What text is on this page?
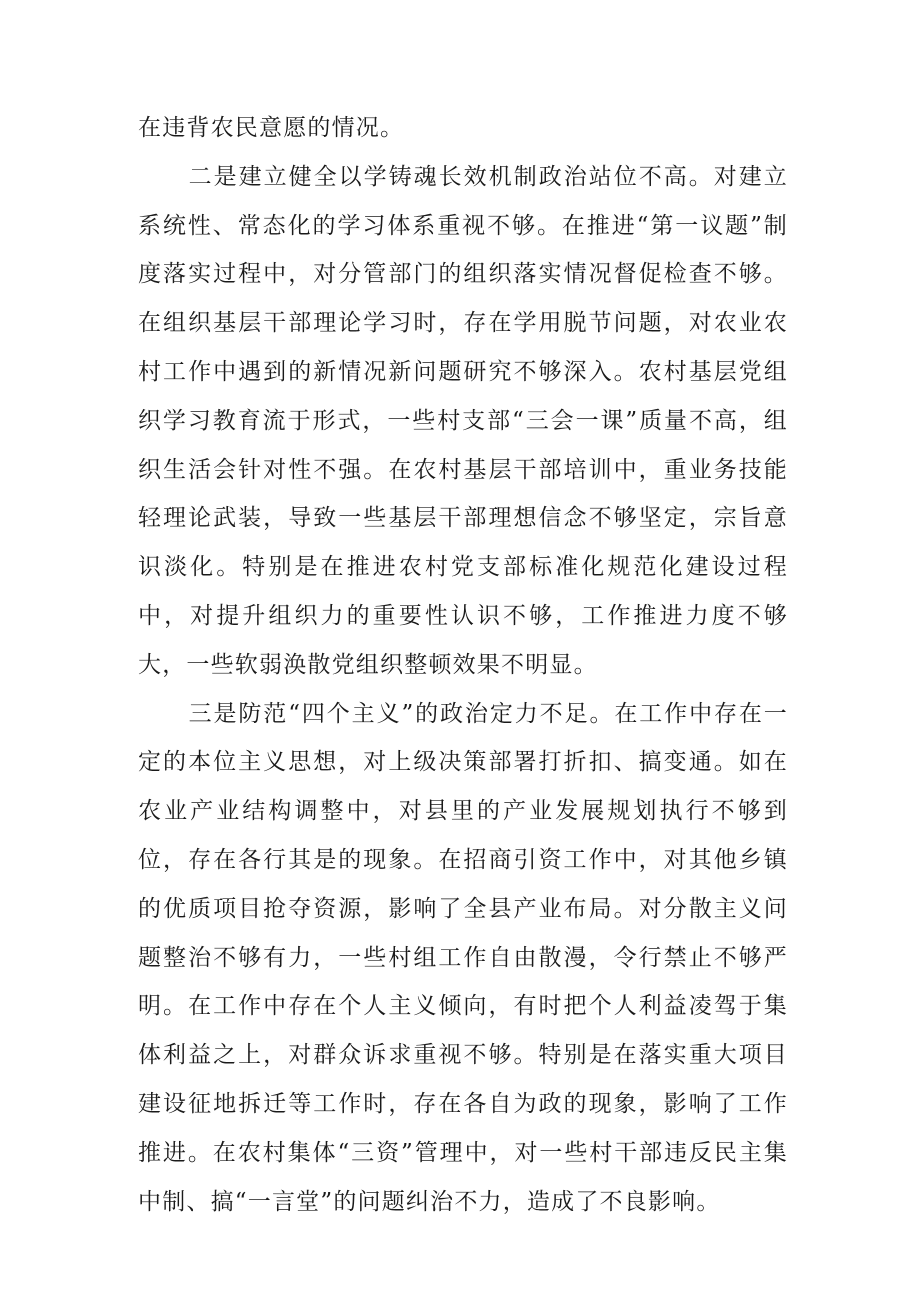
在违背农民意愿的情况。

二是建立健全以学铸魂长效机制政治站位不高。对建立系统性、常态化的学习体系重视不够。在推进“第一议题”制度落实过程中，对分管部门的组织落实情况督促检查不够。在组织基层干部理论学习时，存在学用脱节问题，对农业农村工作中遇到的新情况新问题研究不够深入。农村基层党组织学习教育流于形式，一些村支部“三会一课”质量不高，组织生活会针对性不强。在农村基层干部培训中，重业务技能轻理论武装，导致一些基层干部理想信念不够坚定，宗旨意识淡化。特别是在推进农村党支部标准化规范化建设过程中，对提升组织力的重要性认识不够，工作推进力度不够大，一些软弱涣散党组织整顿效果不明显。

三是防范“四个主义”的政治定力不足。在工作中存在一定的本位主义思想，对上级决策部署打折扣、搞变通。如在农业产业结构调整中，对县里的产业发展规划执行不够到位，存在各行其是的现象。在招商引资工作中，对其他乡镇的优质项目抢夺资源，影响了全县产业布局。对分散主义问题整治不够有力，一些村组工作自由散漫，令行禁止不够严明。在工作中存在个人主义倾向，有时把个人利益凌驾于集体利益之上，对群众诉求重视不够。特别是在落实重大项目建设征地拆迁等工作时，存在各自为政的现象，影响了工作推进。在农村集体“三资”管理中，对一些村干部违反民主集中制、搞“一言堂”的问题纠治不力，造成了不良影响。
